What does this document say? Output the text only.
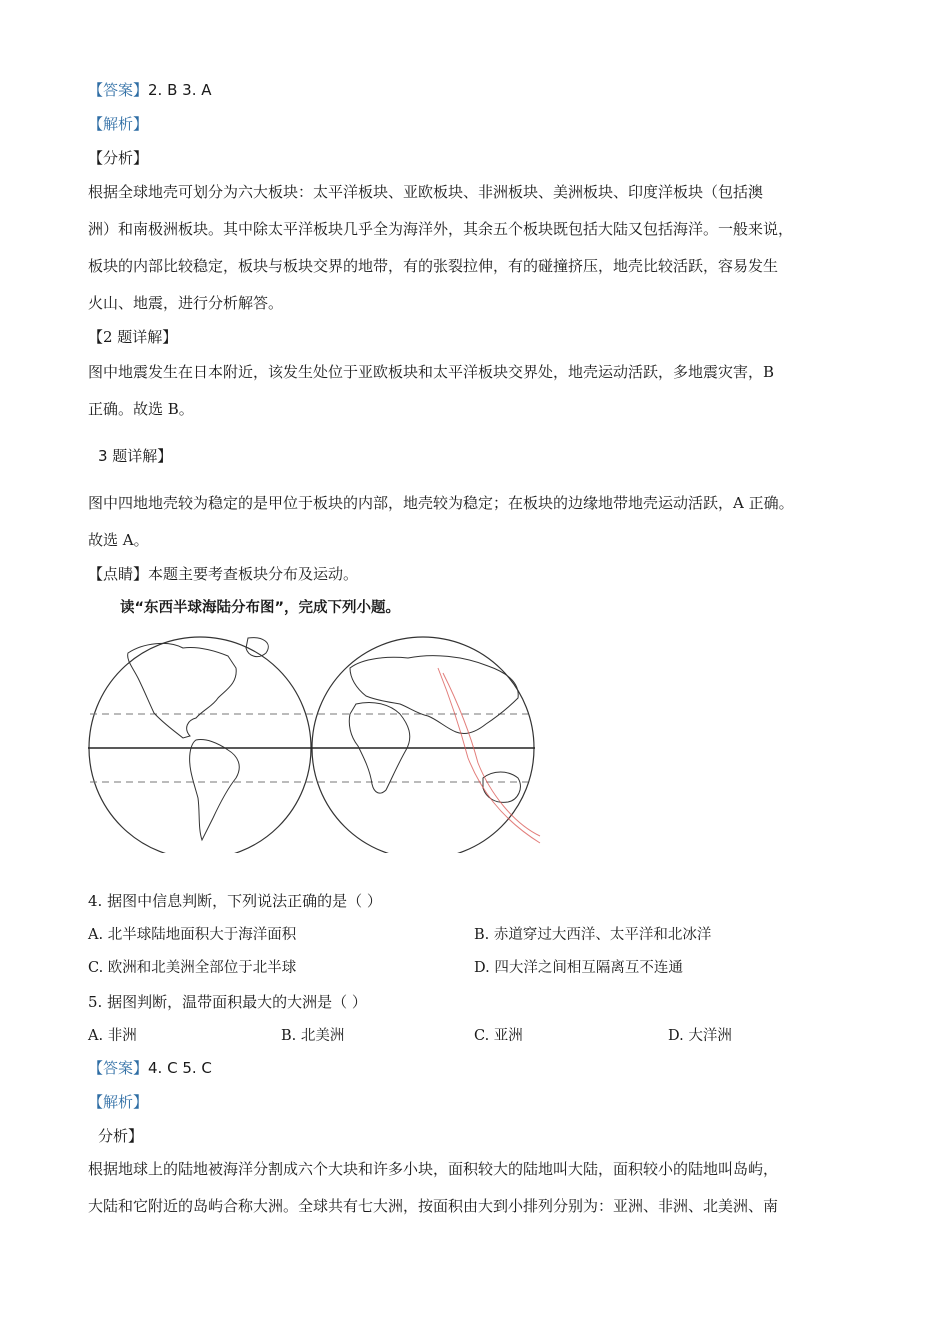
【答案】2. B 3. A
【解析】
【分析】
根据全球地壳可划分为六大板块：太平洋板块、亚欧板块、非洲板块、美洲板块、印度洋板块（包括澳
洲）和南极洲板块。其中除太平洋板块几乎全为海洋外，其余五个板块既包括大陆又包括海洋。一般来说，
板块的内部比较稳定，板块与板块交界的地带，有的张裂拉伸，有的碰撞挤压，地壳比较活跃，容易发生
火山、地震，进行分析解答。
【2 题详解】
图中地震发生在日本附近，该发生处位于亚欧板块和太平洋板块交界处，地壳运动活跃，多地震灾害，B
正确。故选 B。
3 题详解】
图中四地地壳较为稳定的是甲位于板块的内部，地壳较为稳定；在板块的边缘地带地壳运动活跃，A 正确。
故选 A。
【点睛】本题主要考查板块分布及运动。
读“东西半球海陆分布图”，完成下列小题。
4. 据图中信息判断，下列说法正确的是（ ）
A. 北半球陆地面积大于海洋面积	B. 赤道穿过大西洋、太平洋和北冰洋
C. 欧洲和北美洲全部位于北半球	D. 四大洋之间相互隔离互不连通
5. 据图判断，温带面积最大的大洲是（ ）
A. 非洲	B. 北美洲	C. 亚洲	D. 大洋洲
【答案】4. C 5. C
【解析】
分析】
根据地球上的陆地被海洋分割成六个大块和许多小块，面积较大的陆地叫大陆，面积较小的陆地叫岛屿，
大陆和它附近的岛屿合称大洲。全球共有七大洲，按面积由大到小排列分别为：亚洲、非洲、北美洲、南
